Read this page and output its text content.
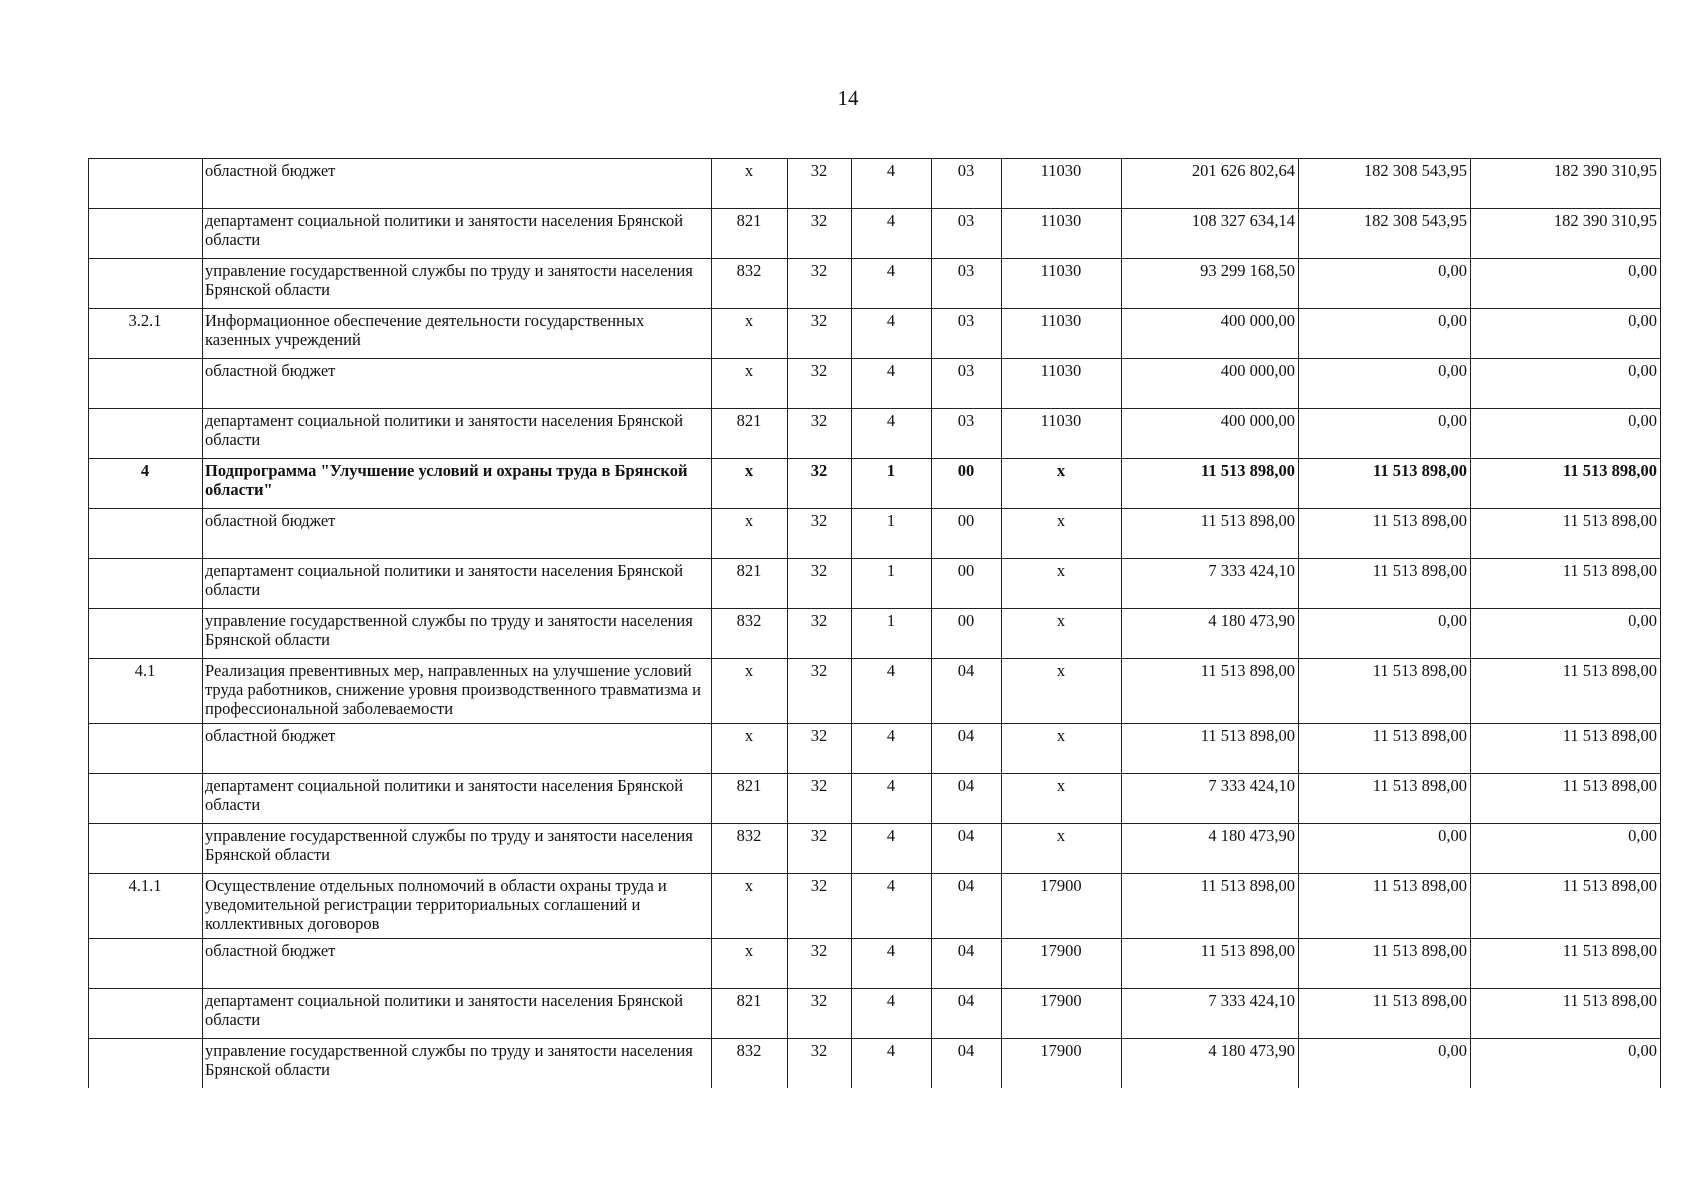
14
	областной бюджет	х	32	4	03	11030	201 626 802,64	182 308 543,95	182 390 310,95
	департамент социальной политики и занятости населения Брянской области	821	32	4	03	11030	108 327 634,14	182 308 543,95	182 390 310,95
	управление государственной службы по труду и занятости населения Брянской области	832	32	4	03	11030	93 299 168,50	0,00	0,00
3.2.1	Информационное обеспечение деятельности государственных казенных учреждений	х	32	4	03	11030	400 000,00	0,00	0,00
	областной бюджет	х	32	4	03	11030	400 000,00	0,00	0,00
	департамент социальной политики и занятости населения Брянской области	821	32	4	03	11030	400 000,00	0,00	0,00
4	Подпрограмма "Улучшение условий и охраны труда в Брянской области"	х	32	1	00	х	11 513 898,00	11 513 898,00	11 513 898,00
	областной бюджет	х	32	1	00	х	11 513 898,00	11 513 898,00	11 513 898,00
	департамент социальной политики и занятости населения Брянской области	821	32	1	00	х	7 333 424,10	11 513 898,00	11 513 898,00
	управление государственной службы по труду и занятости населения Брянской области	832	32	1	00	х	4 180 473,90	0,00	0,00
4.1	Реализация превентивных мер, направленных на улучшение условий труда работников, снижение уровня производственного травматизма и профессиональной заболеваемости	х	32	4	04	х	11 513 898,00	11 513 898,00	11 513 898,00
	областной бюджет	х	32	4	04	х	11 513 898,00	11 513 898,00	11 513 898,00
	департамент социальной политики и занятости населения Брянской области	821	32	4	04	х	7 333 424,10	11 513 898,00	11 513 898,00
	управление государственной службы по труду и занятости населения Брянской области	832	32	4	04	х	4 180 473,90	0,00	0,00
4.1.1	Осуществление отдельных полномочий в области охраны труда и уведомительной регистрации территориальных соглашений и коллективных договоров	х	32	4	04	17900	11 513 898,00	11 513 898,00	11 513 898,00
	областной бюджет	х	32	4	04	17900	11 513 898,00	11 513 898,00	11 513 898,00
	департамент социальной политики и занятости населения Брянской области	821	32	4	04	17900	7 333 424,10	11 513 898,00	11 513 898,00
	управление государственной службы по труду и занятости населения Брянской области	832	32	4	04	17900	4 180 473,90	0,00	0,00
